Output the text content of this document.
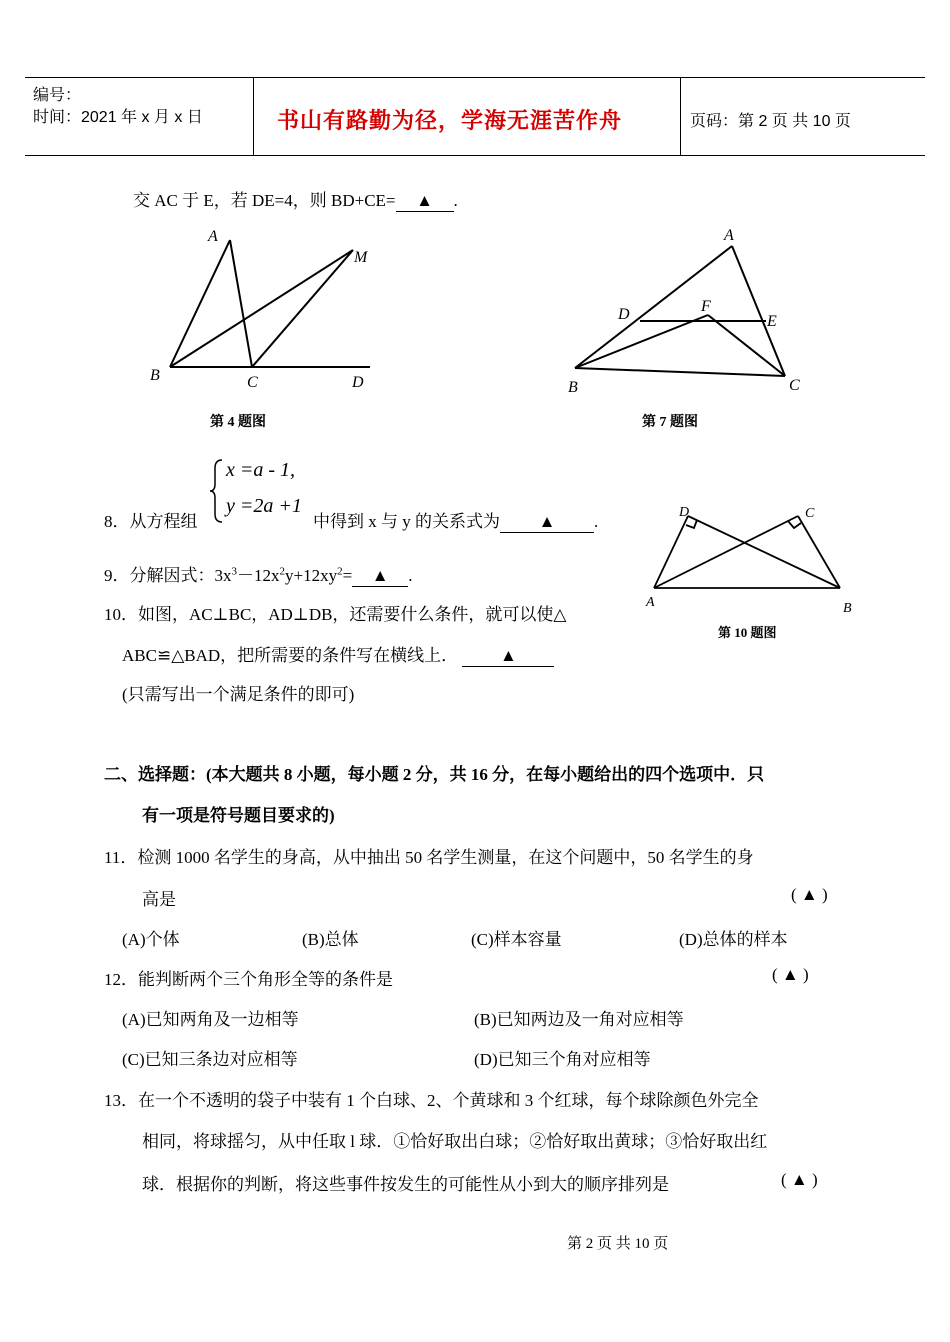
编号：
时间：2021 年 x 月 x 日	书山有路勤为径，学海无涯苦作舟	页码：第 2 页 共 10 页
交 AC 于 E，若 DE=4，则 BD+CE= ▲ .
A
M
B	C	D
第 4 题图
A
D	F
E
B	C
第 7 题图
x =a - 1,
y =2a +1
8．从方程组	中得到 x 与 y 的关系式为 ▲ .	D	C
A	B
第 10 题图
9．分解因式：$3x^3-12x^2y+12xy^2=$ ▲ .
10．如图，AC⊥BC，AD⊥DB，还需要什么条件，就可以使△
ABC≌△BAD，把所需要的条件写在横线上． ▲
(只需写出一个满足条件的即可)
二、选择题：(本大题共 8 小题，每小题 2 分，共 16 分，在每小题给出的四个选项中．只
有一项是符号题目要求的)
11．检测 1000 名学生的身高，从中抽出 50 名学生测量，在这个问题中，50 名学生的身
高是	( ▲ )
(A)个体	(B)总体	(C)样本容量	(D)总体的样本
12．能判断两个三个角形全等的条件是	( ▲ )
(A)已知两角及一边相等	(B)已知两边及一角对应相等
(C)已知三条边对应相等	(D)已知三个角对应相等
13．在一个不透明的袋子中装有 1 个白球、2、个黄球和 3 个红球，每个球除颜色外完全
相同，将球摇匀，从中任取 l 球．①恰好取出白球；②恰好取出黄球；③恰好取出红
球．根据你的判断，将这些事件按发生的可能性从小到大的顺序排列是	( ▲ )
第 2 页 共 10 页
